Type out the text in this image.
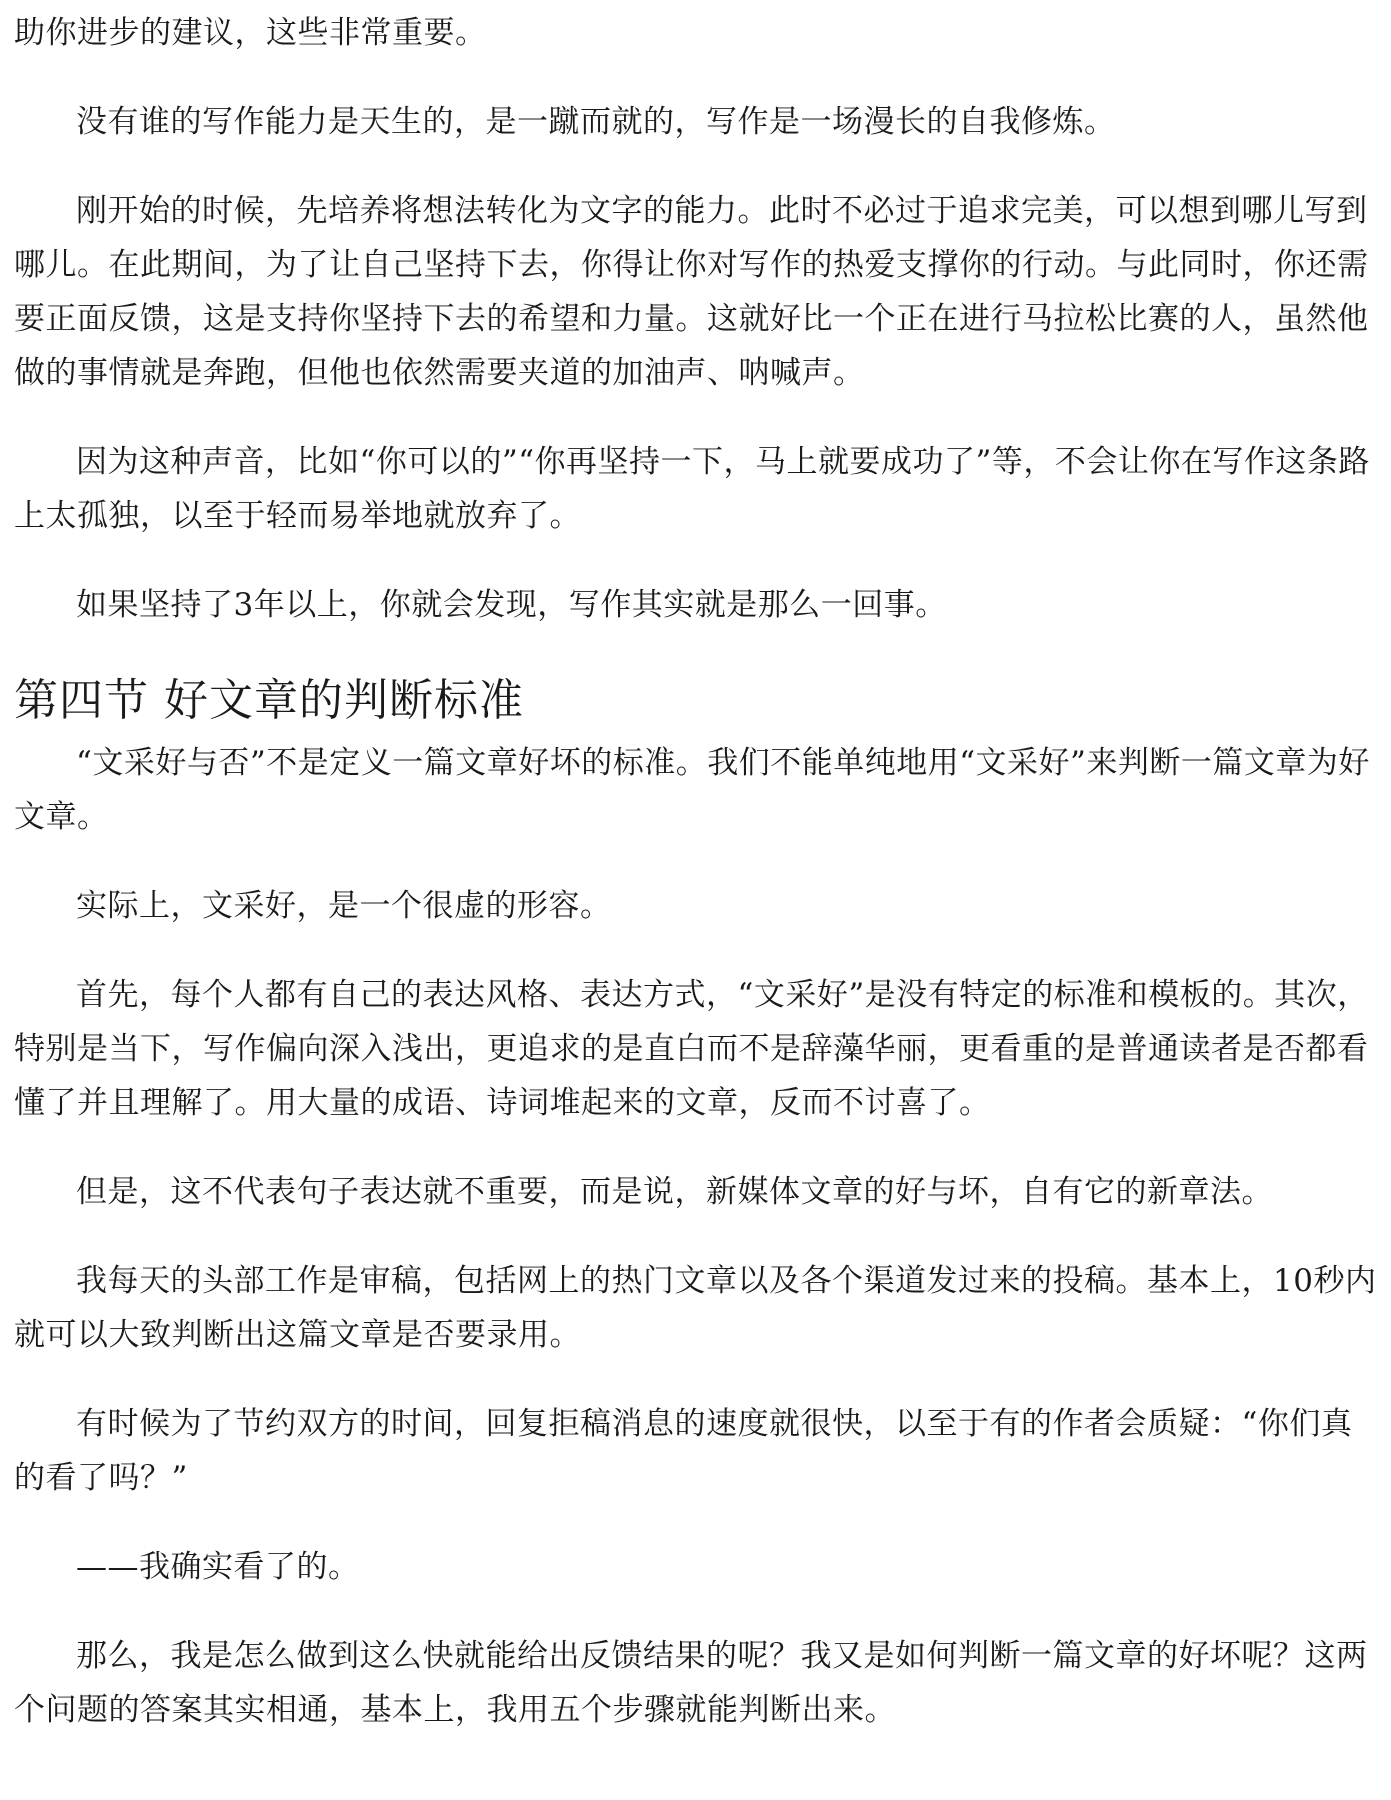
助你进步的建议，这些非常重要。

没有谁的写作能力是天生的，是一蹴而就的，写作是一场漫长的自我修炼。

刚开始的时候，先培养将想法转化为文字的能力。此时不必过于追求完美，可以想到哪儿写到哪儿。在此期间，为了让自己坚持下去，你得让你对写作的热爱支撑你的行动。与此同时，你还需要正面反馈，这是支持你坚持下去的希望和力量。这就好比一个正在进行马拉松比赛的人，虽然他做的事情就是奔跑，但他也依然需要夹道的加油声、呐喊声。

因为这种声音，比如“你可以的”“你再坚持一下，马上就要成功了”等，不会让你在写作这条路上太孤独，以至于轻而易举地就放弃了。

如果坚持了3年以上，你就会发现，写作其实就是那么一回事。

第四节 好文章的判断标准

“文采好与否”不是定义一篇文章好坏的标准。我们不能单纯地用“文采好”来判断一篇文章为好文章。

实际上，文采好，是一个很虚的形容。

首先，每个人都有自己的表达风格、表达方式，“文采好”是没有特定的标准和模板的。其次，特别是当下，写作偏向深入浅出，更追求的是直白而不是辞藻华丽，更看重的是普通读者是否都看懂了并且理解了。用大量的成语、诗词堆起来的文章，反而不讨喜了。

但是，这不代表句子表达就不重要，而是说，新媒体文章的好与坏，自有它的新章法。

我每天的头部工作是审稿，包括网上的热门文章以及各个渠道发过来的投稿。基本上，10秒内就可以大致判断出这篇文章是否要录用。

有时候为了节约双方的时间，回复拒稿消息的速度就很快，以至于有的作者会质疑：“你们真的看了吗？”

——我确实看了的。

那么，我是怎么做到这么快就能给出反馈结果的呢？我又是如何判断一篇文章的好坏呢？这两个问题的答案其实相通，基本上，我用五个步骤就能判断出来。
